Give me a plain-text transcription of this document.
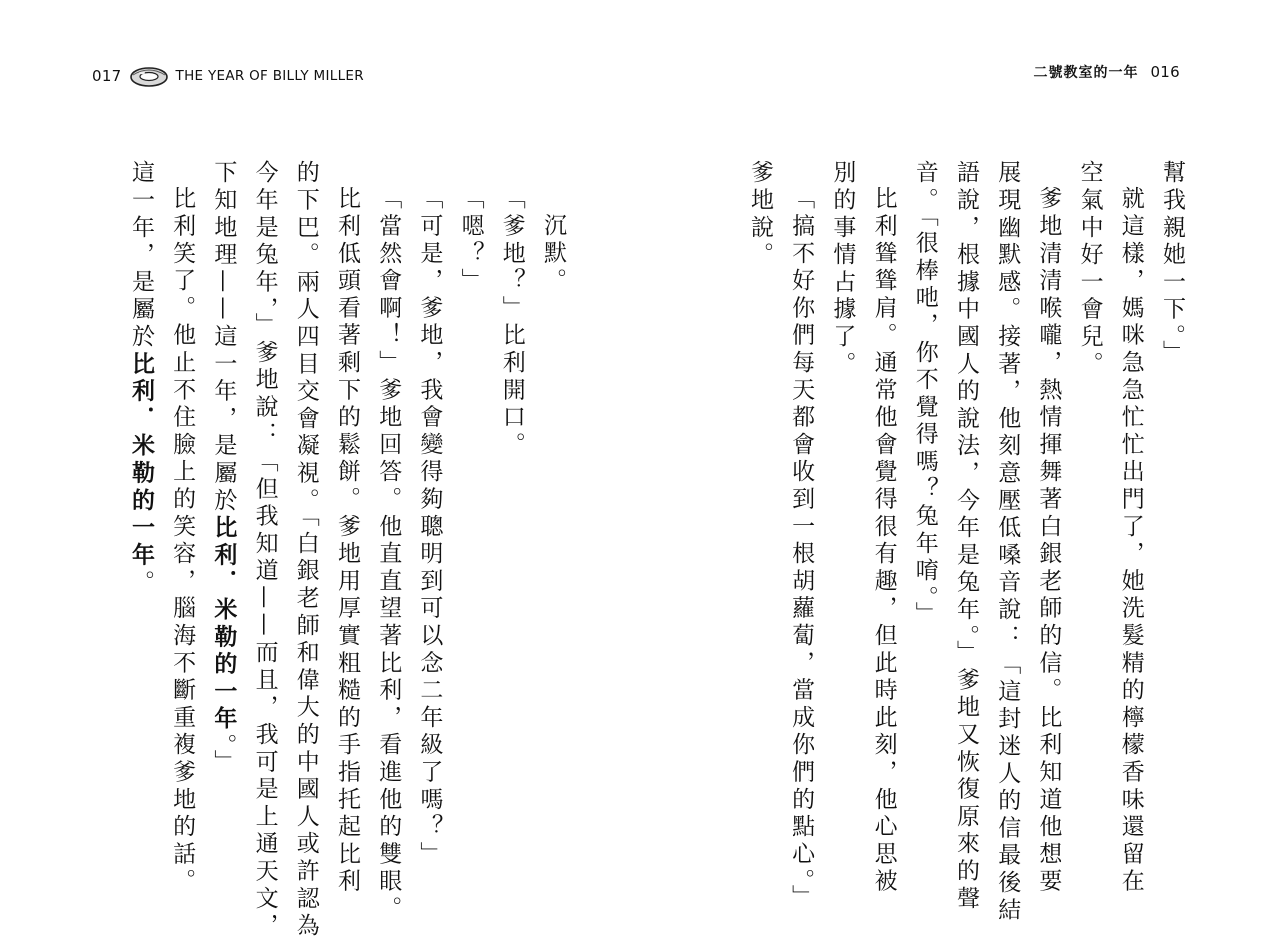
017	THE YEAR OF BILLY MILLER
沉默。
「爹地？」比利開口。
「嗯？」
「可是，爹地，我會變得夠聰明到可以念二年級了嗎？」
「當然會啊！」爹地回答。他直直望著比利，看進他的雙眼。
比利低頭看著剩下的鬆餅。爹地用厚實粗糙的手指托起比利
的下巴。兩人四目交會凝視。「白銀老師和偉大的中國人或許認為
今年是兔年，」爹地說：「但我知道——而且，我可是上通天文，
下知地理——這一年，是屬於比利．米勒的一年。」
比利笑了。他止不住臉上的笑容，腦海不斷重複爹地的話。
這一年，是屬於比利．米勒的一年。
二號教室的一年 016
幫我親她一下。」
就這樣，媽咪急急忙忙出門了，她洗髮精的檸檬香味還留在
空氣中好一會兒。
爹地清清喉嚨，熱情揮舞著白銀老師的信。比利知道他想要
展現幽默感。接著，他刻意壓低嗓音說：「這封迷人的信最後結
語說，根據中國人的說法，今年是兔年。」爹地又恢復原來的聲
音。「很棒吔，你不覺得嗎？兔年唷。」
比利聳聳肩。通常他會覺得很有趣，但此時此刻，他心思被
別的事情占據了。
「搞不好你們每天都會收到一根胡蘿蔔，當成你們的點心。」
爹地說。
